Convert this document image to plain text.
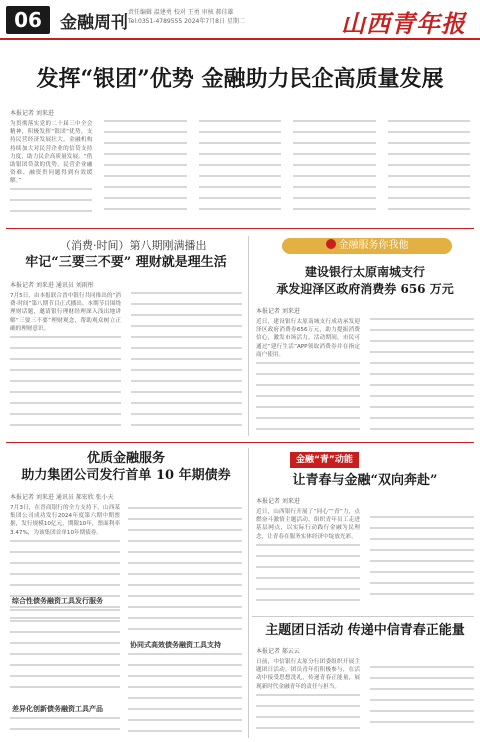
06	金融周刊
责任编辑 温建勇 校对 王勇 审核 郝佳雄
Tel:0351-4789555 2024年7月8日 星期二	山西青年报
发挥“银团”优势 金融助力民企高质量发展
本报记者 刘来进
为贯彻落实党的二十届三中全会精神，积极发挥“银团”优势，支持民营经济发展壮大，金融机构持续加大对民营企业的信贷支持力度，助力民企高质量发展。“借助银团贷款的优势，民营企业融资难、融资贵问题得到有效缓解。”
（消费·时间）第八期刚满播出
牢记“三要三不要” 理财就是理生活
本报记者 刘来进 通讯员 刘雨彤
7月5日，由本报联合晋中银行共同推出的“消费·时间”第八期节目正式播出。本期节目围绕理财话题，邀请银行理财经理深入浅出地讲解“三要三不要”理财观念，帮助观众树立正确的理财意识。
金融服务你我他
建设银行太原南城支行
承发迎泽区政府消费券 656 万元
本报记者 刘来进
近日，建设银行太原南城支行成功承发迎泽区政府消费券656万元，助力提振消费信心，激发市场活力。活动期间，市民可通过“建行生活”APP领取消费券并在指定商户使用。
优质金融服务
助力集团公司发行首单 10 年期债券
本报记者 刘来进 通讯员 郝宏欣 张小天
7月3日，在晋商银行的全力支持下，山西某集团公司成功发行2024年度第六期中期票据，发行规模10亿元，期限10年，票面利率3.47%，为该集团首单10年期债券。
综合性债务融资工具发行服务
差异化创新债务融资工具产品
协同式高效债务融资工具支持
金融“青”动能
让青春与金融“双向奔赴”
本报记者 刘来进
近日，山西银行开展了“同心”“青”力，点燃奋斗激情主题活动，组织青年员工走进基层网点，以实际行动践行金融为民理念，让青春在服务实体经济中绽放光彩。
主题团日活动 传递中信青春正能量
本报记者 郝云云
日前，中信银行太原分行团委组织开展主题团日活动，团员青年们积极参与，在活动中接受思想洗礼，传递青春正能量，展现新时代金融青年的责任与担当。
